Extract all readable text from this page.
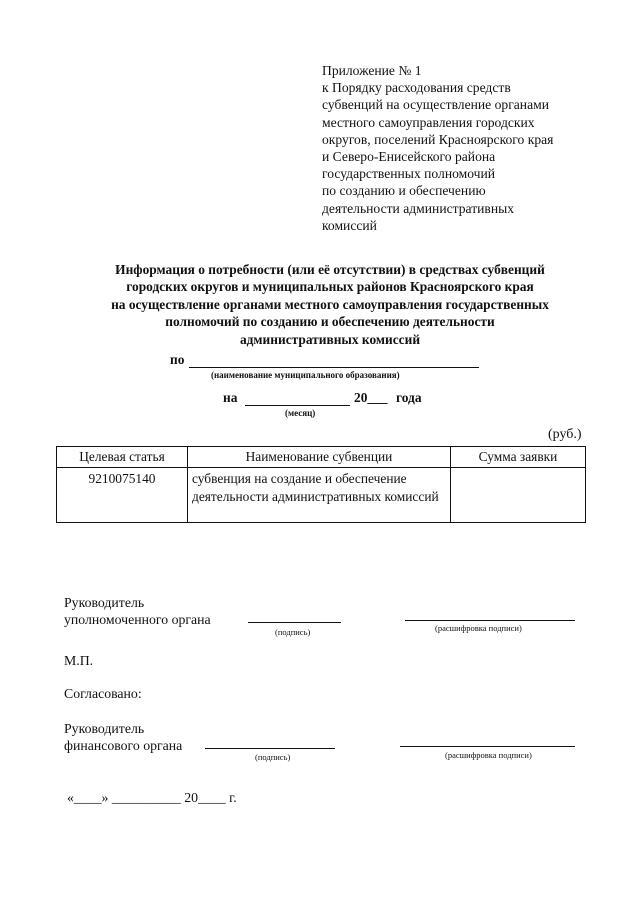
Приложение № 1
к Порядку расходования средств
субвенций на осуществление органами
местного самоуправления городских
округов, поселений Красноярского края
и Северо-Енисейского района
государственных полномочий
по созданию и обеспечению
деятельности административных
комиссий
Информация о потребности (или её отсутствии) в средствах субвенций
городских округов и муниципальных районов Красноярского края
на осуществление органами местного самоуправления государственных
полномочий по созданию и обеспечению деятельности
административных комиссий
по
(наименование муниципального образования)
на	20___ года
(месяц)
(руб.)
Целевая статья	Наименование субвенции	Сумма заявки
9210075140	субвенция на создание и обеспечение деятельности административных комиссий	
Руководитель
уполномоченного органа
(подпись)	(расшифровка подписи)
М.П.
Согласовано:
Руководитель
финансового органа
(подпись)	(расшифровка подписи)
«____» __________ 20____ г.
